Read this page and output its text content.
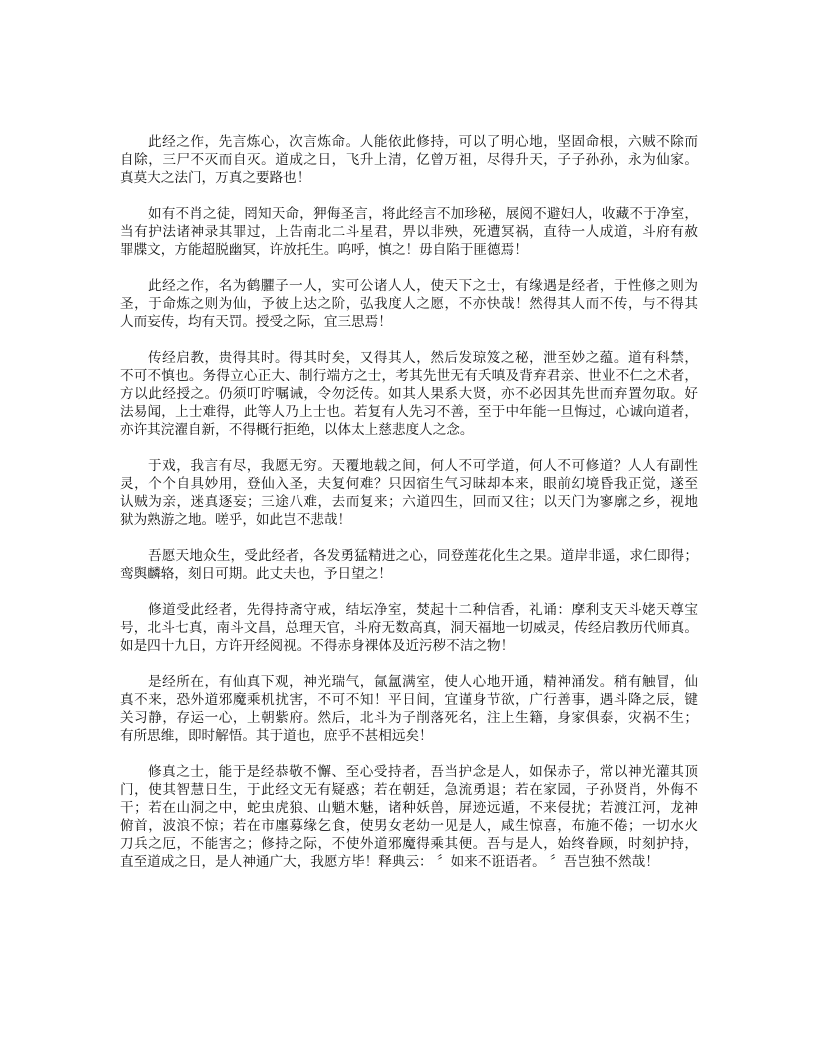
此经之作，先言炼心，次言炼命。人能依此修持，可以了明心地，坚固命根，六贼不除而
自除，三尸不灭而自灭。道成之日，飞升上清，亿曾万祖，尽得升天，子子孙孙，永为仙家。
真莫大之法门，万真之要路也！
如有不肖之徒，罔知天命，狎侮圣言，将此经言不加珍秘，展阅不避妇人，收藏不于净室，
当有护法诸神录其罪过，上告南北二斗星君，畀以非殃，死遭冥祸，直待一人成道，斗府有赦
罪牒文，方能超脱幽冥，许放托生。呜呼，慎之！毋自陷于匪德焉！
此经之作，名为鹤臞子一人，实可公诸人人，使天下之士，有缘遇是经者，于性修之则为
圣，于命炼之则为仙，予彼上达之阶，弘我度人之愿，不亦快哉！然得其人而不传，与不得其
人而妄传，均有天罚。授受之际，宜三思焉！
传经启教，贵得其时。得其时矣，又得其人，然后发琼笈之秘，泄至妙之蕴。道有科禁，
不可不慎也。务得立心正大、制行端方之士，考其先世无有夭嗔及背弃君亲、世业不仁之术者，
方以此经授之。仍须叮咛嘱诫，令勿泛传。如其人果系大贤，亦不必因其先世而弃置勿取。好
法易闻，上士难得，此等人乃上士也。若复有人先习不善，至于中年能一旦悔过，心诚向道者，
亦许其浣濯自新，不得概行拒绝，以体太上慈悲度人之念。
于戏，我言有尽，我愿无穷。天覆地载之间，何人不可学道，何人不可修道？人人有副性
灵，个个自具妙用，登仙入圣，夫复何难？只因宿生气习昧却本来，眼前幻境昏我正觉，遂至
认贼为亲，迷真逐妄；三途八难，去而复来；六道四生，回而又往；以天门为寥廓之乡，视地
狱为熟游之地。嗟乎，如此岂不悲哉！
吾愿天地众生，受此经者，各发勇猛精进之心，同登莲花化生之果。道岸非遥，求仁即得；
鸾舆麟辂，刻日可期。此丈夫也，予日望之！
修道受此经者，先得持斋守戒，结坛净室，焚起十二种信香，礼诵：摩利支天斗姥天尊宝
号，北斗七真，南斗文昌，总理天官，斗府无数高真，洞天福地一切威灵，传经启教历代师真。
如是四十九日，方许开经阅视。不得赤身裸体及近污秽不洁之物！
是经所在，有仙真下观，神光瑞气，氤氲满室，使人心地开通，精神涌发。稍有触冒，仙
真不来，恐外道邪魔乘机扰害，不可不知！平日间，宜谨身节欲，广行善事，遇斗降之辰，键
关习静，存运一心，上朝紫府。然后，北斗为子削落死名，注上生籍，身家俱泰，灾祸不生；
有所思维，即时解悟。其于道也，庶乎不甚相远矣！
修真之士，能于是经恭敬不懈、至心受持者，吾当护念是人，如保赤子，常以神光灌其顶
门，使其智慧日生，于此经文无有疑惑；若在朝廷，急流勇退；若在家园，子孙贤肖，外侮不
干；若在山洞之中，蛇虫虎狼、山魈木魅，诸种妖兽，屏迹远遁，不来侵扰；若渡江河，龙神
俯首，波浪不惊；若在市廛募缘乞食，使男女老幼一见是人，咸生惊喜，布施不倦；一切水火
刀兵之厄，不能害之；修持之际，不使外道邪魔得乘其便。吾与是人，始终眷顾，时刻护持，
直至道成之日，是人神通广大，我愿方毕！释典云： 〞如来不诳语者。 〞吾岂独不然哉！
